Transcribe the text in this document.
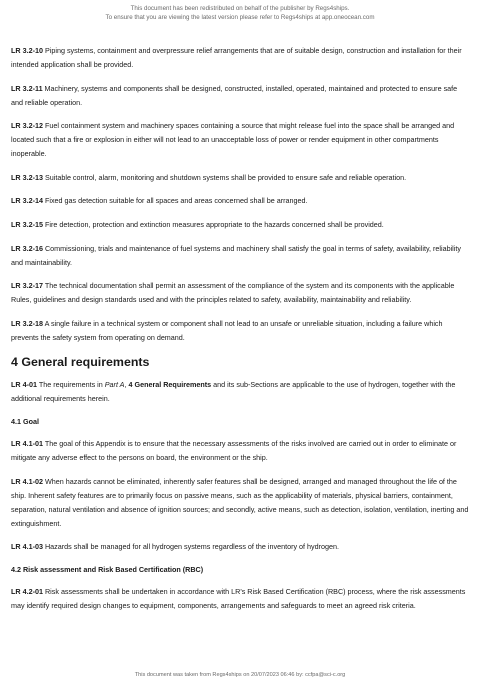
This document has been redistributed on behalf of the publisher by Regs4ships.
To ensure that you are viewing the latest version please refer to Regs4ships at app.oneocean.com

LR 3.2-10 Piping systems, containment and overpressure relief arrangements that are of suitable design, construction and installation for their intended application shall be provided.

LR 3.2-11 Machinery, systems and components shall be designed, constructed, installed, operated, maintained and protected to ensure safe and reliable operation.

LR 3.2-12 Fuel containment system and machinery spaces containing a source that might release fuel into the space shall be arranged and located such that a fire or explosion in either will not lead to an unacceptable loss of power or render equipment in other compartments inoperable.

LR 3.2-13 Suitable control, alarm, monitoring and shutdown systems shall be provided to ensure safe and reliable operation.

LR 3.2-14 Fixed gas detection suitable for all spaces and areas concerned shall be arranged.

LR 3.2-15 Fire detection, protection and extinction measures appropriate to the hazards concerned shall be provided.

LR 3.2-16 Commissioning, trials and maintenance of fuel systems and machinery shall satisfy the goal in terms of safety, availability, reliability and maintainability.

LR 3.2-17 The technical documentation shall permit an assessment of the compliance of the system and its components with the applicable Rules, guidelines and design standards used and with the principles related to safety, availability, maintainability and reliability.

LR 3.2-18 A single failure in a technical system or component shall not lead to an unsafe or unreliable situation, including a failure which prevents the safety system from operating on demand.

4 General requirements

LR 4-01 The requirements in Part A, 4 General Requirements and its sub-Sections are applicable to the use of hydrogen, together with the additional requirements herein.

4.1 Goal

LR 4.1-01 The goal of this Appendix is to ensure that the necessary assessments of the risks involved are carried out in order to eliminate or mitigate any adverse effect to the persons on board, the environment or the ship.

LR 4.1-02 When hazards cannot be eliminated, inherently safer features shall be designed, arranged and managed throughout the life of the ship. Inherent safety features are to primarily focus on passive means, such as the applicability of materials, physical barriers, containment, separation, natural ventilation and absence of ignition sources; and secondly, active means, such as detection, isolation, ventilation, inerting and extinguishment.

LR 4.1-03 Hazards shall be managed for all hydrogen systems regardless of the inventory of hydrogen.

4.2 Risk assessment and Risk Based Certification (RBC)

LR 4.2-01 Risk assessments shall be undertaken in accordance with LR's Risk Based Certification (RBC) process, where the risk assessments may identify required design changes to equipment, components, arrangements and safeguards to meet an agreed risk criteria.

This document was taken from Regs4ships on 20/07/2023 06:46 by: ccfpa@sci-c.org
